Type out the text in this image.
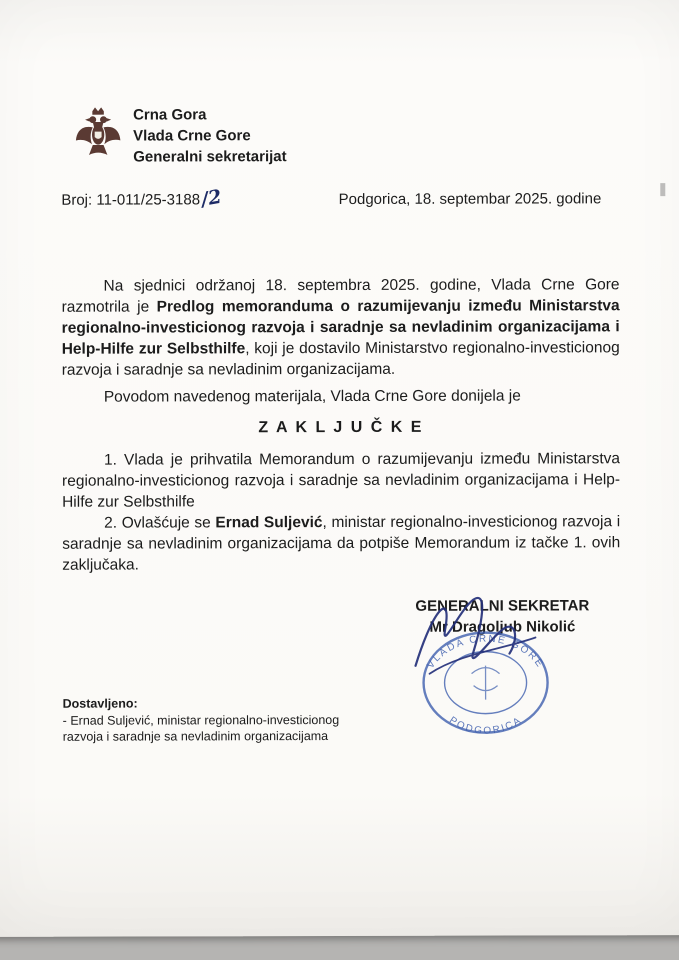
Crna Gora
Vlada Crne Gore
Generalni sekretarijat
Broj: 11-011/25-3188/2	Podgorica, 18. septembar 2025. godine

Na sjednici održanoj 18. septembra 2025. godine, Vlada Crne Gore razmotrila je Predlog memoranduma o razumijevanju između Ministarstva regionalno-investicionog razvoja i saradnje sa nevladinim organizacijama i Help-Hilfe zur Selbsthilfe, koji je dostavilo Ministarstvo regionalno-investicionog razvoja i saradnje sa nevladinim organizacijama.

Povodom navedenog materijala, Vlada Crne Gore donijela je

Z A K L J U Č K E

1. Vlada je prihvatila Memorandum o razumijevanju između Ministarstva regionalno-investicionog razvoja i saradnje sa nevladinim organizacijama i Help-Hilfe zur Selbsthilfe

2. Ovlašćuje se Ernad Suljević, ministar regionalno-investicionog razvoja i saradnje sa nevladinim organizacijama da potpiše Memorandum iz tačke 1. ovih zaključaka.

GENERALNI SEKRETAR
Mr Dragoljub Nikolić
Dostavljeno:
- Ernad Suljević, ministar regionalno-investicionog razvoja i saradnje sa nevladinim organizacijama
VLADA CRNE GORE
PODGORICA
